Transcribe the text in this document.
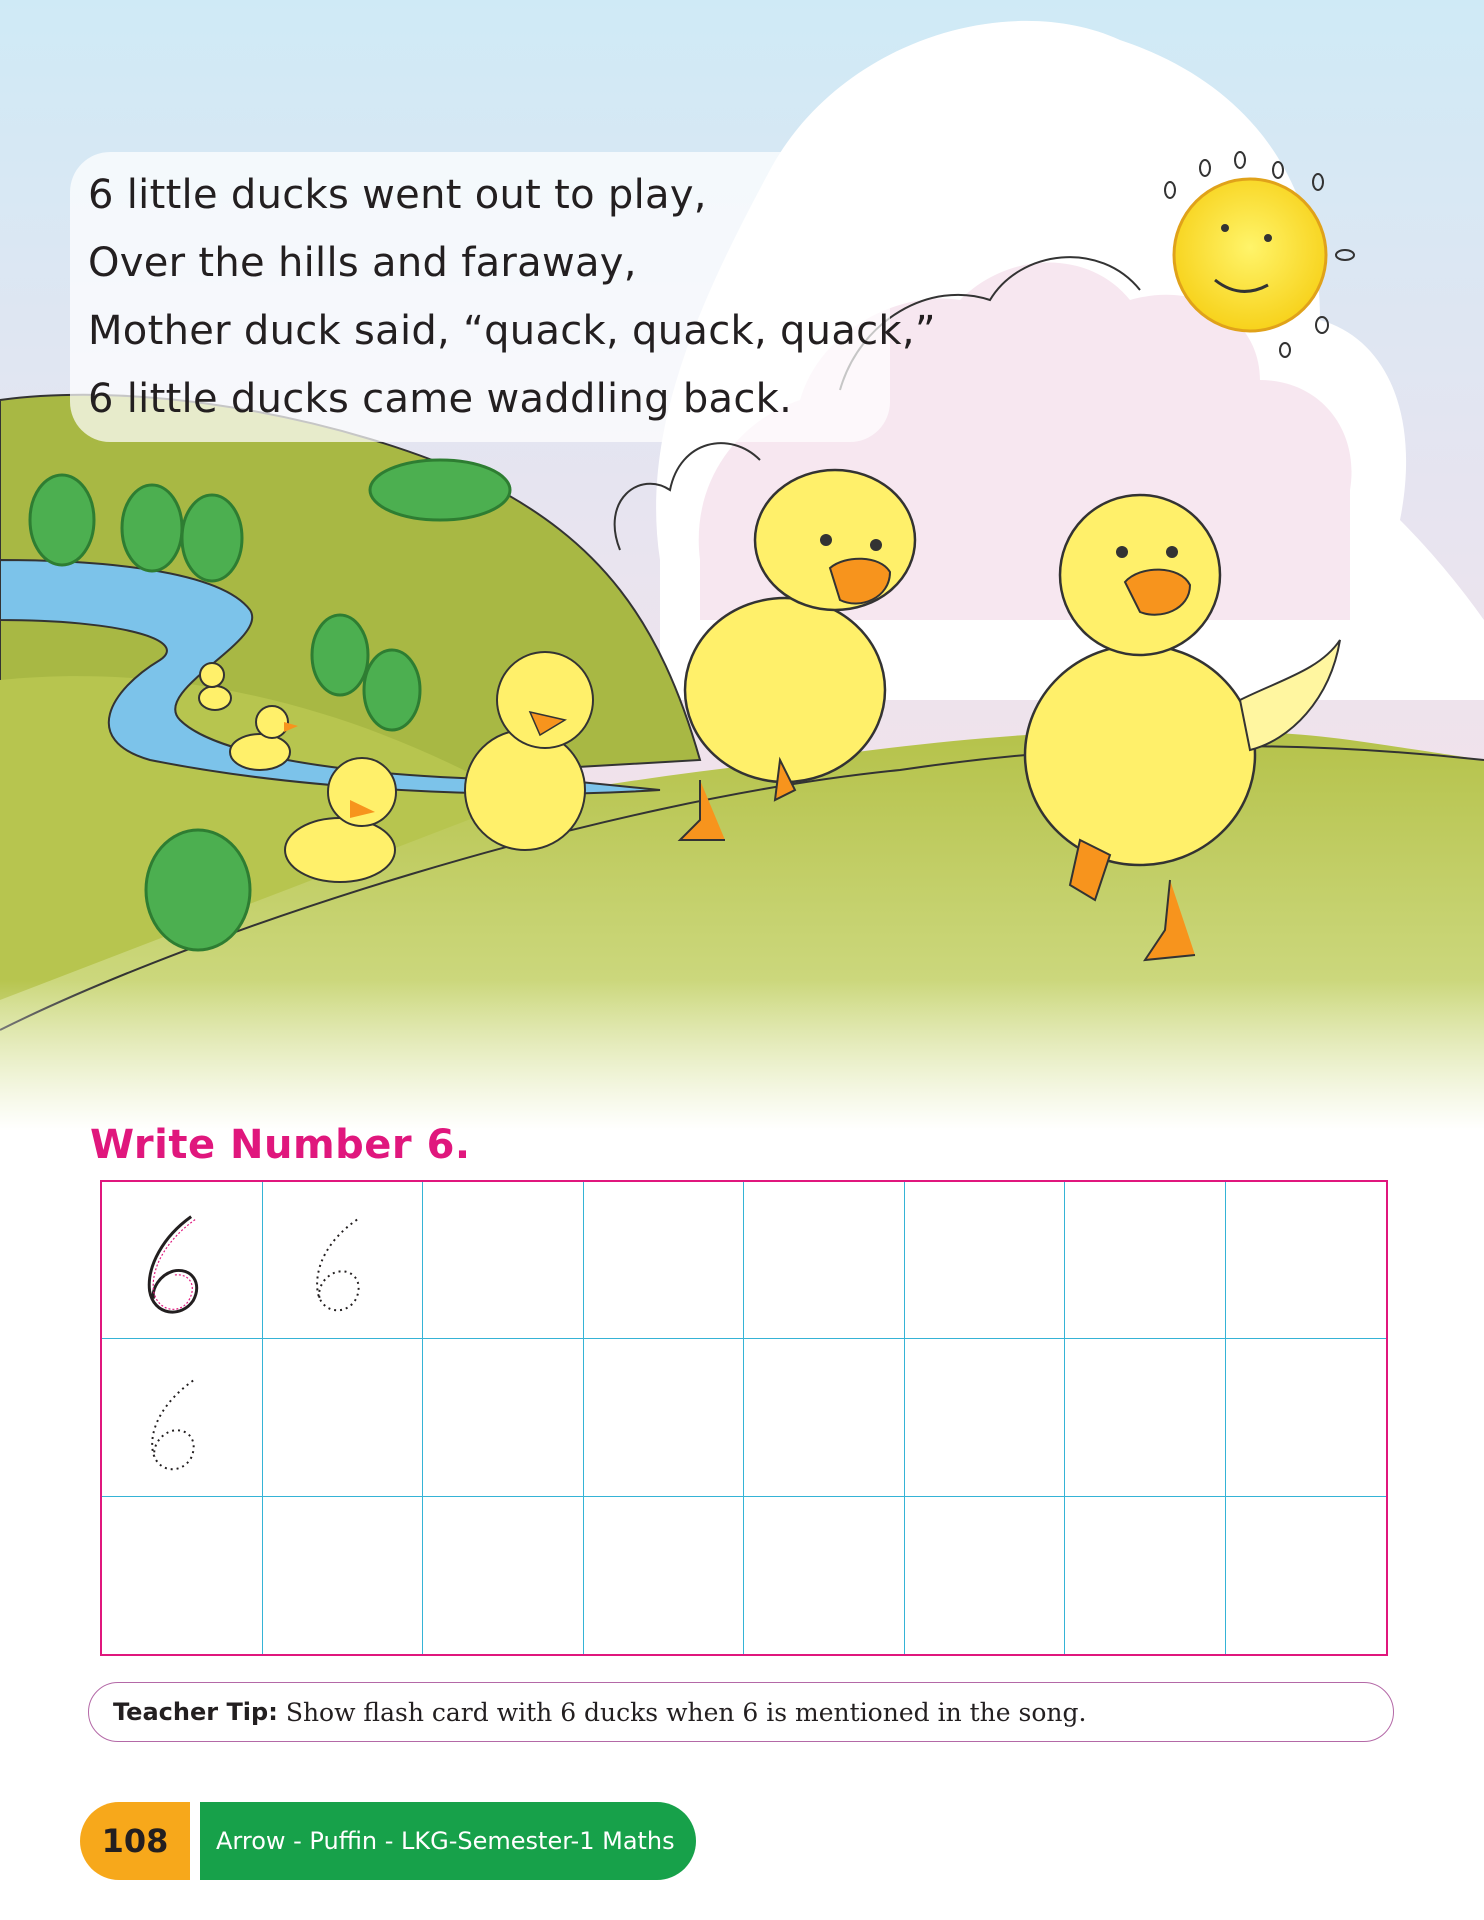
6 little ducks went out to play,
Over the hills and faraway,
Mother duck said, “quack, quack, quack,”
6 little ducks came waddling back.
Write Number 6.
Teacher Tip: Show flash card with 6 ducks when 6 is mentioned in the song.
108	Arrow - Puffin - LKG-Semester-1 Maths
